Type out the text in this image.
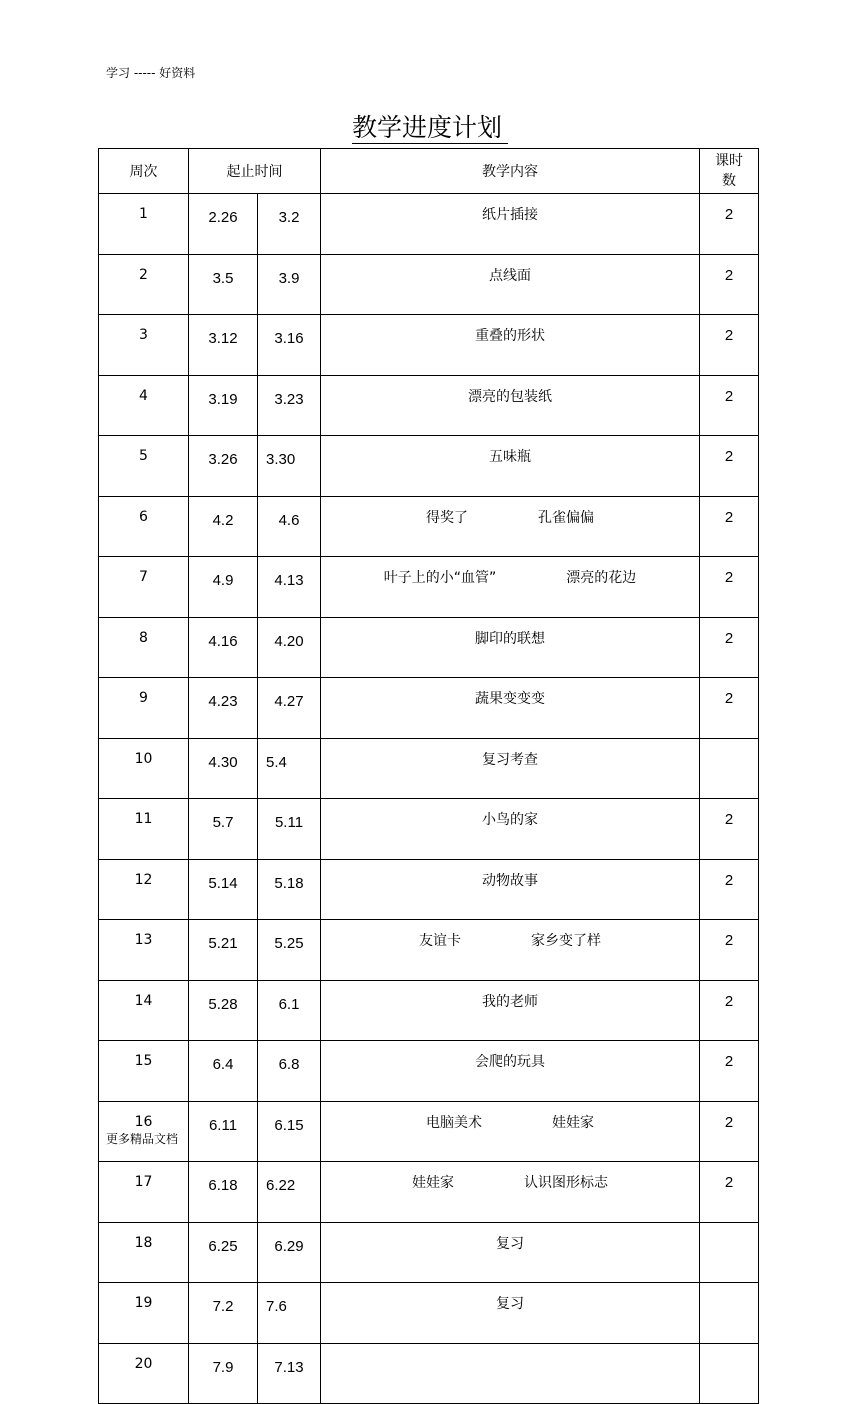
学习 ----- 好资料
教学进度计划
周次	起止时间		教学内容	课时
数

1	2.26	3.2	纸片插接	2
2	3.5	3.9	点线面	2
3	3.12	3.16	重叠的形状	2
4	3.19	3.23	漂亮的包装纸	2
5	3.26	3.30	五味瓶	2
6	4.2	4.6	得奖了 孔雀偏偏	2
7	4.9	4.13	叶子上的小“血管” 漂亮的花边	2
8	4.16	4.20	脚印的联想	2
9	4.23	4.27	蔬果变变变	2
10	4.30	5.4	复习考查	
11	5.7	5.11	小鸟的家	2
12	5.14	5.18	动物故事	2
13	5.21	5.25	友谊卡 家乡变了样	2
14	5.28	6.1	我的老师	2
15	6.4	6.8	会爬的玩具	2
16	6.11	6.15	电脑美术 娃娃家	2
17	6.18	6.22	娃娃家 认识图形标志	2
18	6.25	6.29	复习	
19	7.2	7.6	复习	
20	7.9	7.13		
更多精品文档
